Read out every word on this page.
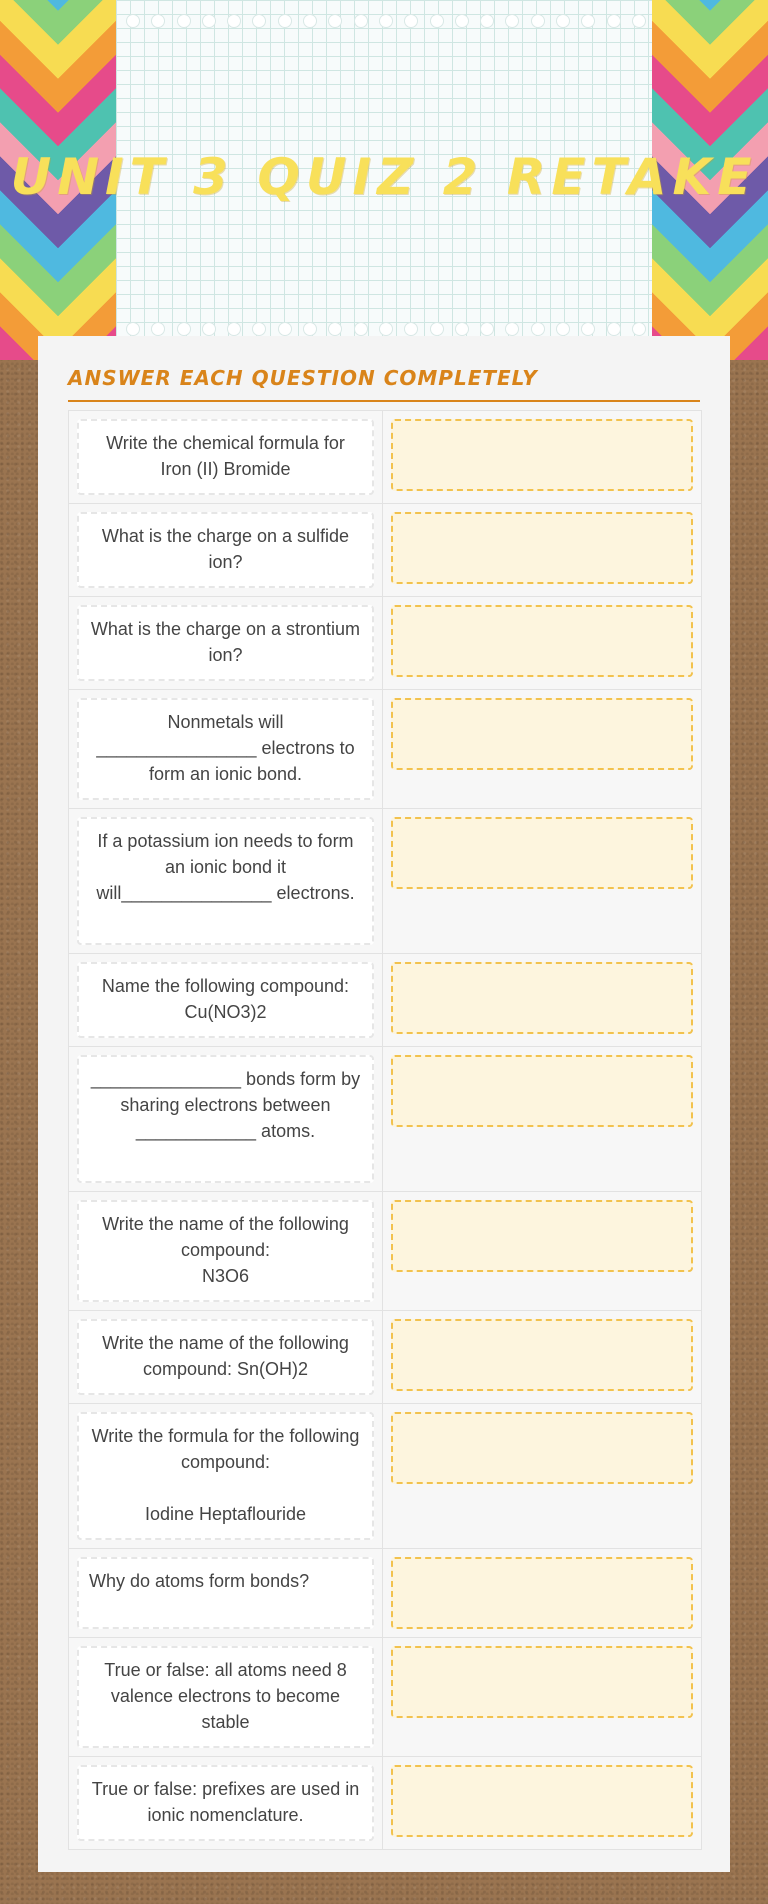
UNIT 3 QUIZ 2 RETAKE
ANSWER EACH QUESTION COMPLETELY
Write the chemical formula for Iron (II) Bromide
What is the charge on a sulfide ion?
What is the charge on a strontium ion?
Nonmetals will ________________ electrons to form an ionic bond.
If a potassium ion needs to form an ionic bond it will_______________ electrons.
Name the following compound: Cu(NO3)2
_______________ bonds form by sharing electrons between ____________ atoms.
Write the name of the following compound:
N3O6
Write the name of the following compound: Sn(OH)2
Write the formula for the following compound:

Iodine Heptaflouride
Why do atoms form bonds?
True or false: all atoms need 8 valence electrons to become stable
True or false: prefixes are used in ionic nomenclature.
